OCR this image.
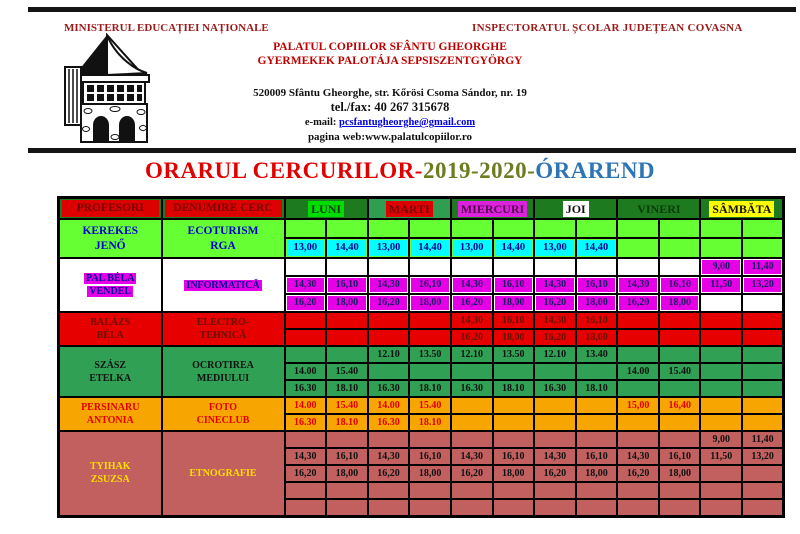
MINISTERUL EDUCAȚIEI NAȚIONALE	INSPECTORATUL ȘCOLAR JUDEȚEAN COVASNA
PALATUL COPIILOR SFÂNTU GHEORGHE
GYERMEKEK PALOTÁJA SEPSISZENTGYÖRGY
520009 Sfântu Gheorghe, str. Kőrösi Csoma Sándor, nr. 19
tel./fax: 40 267 315678
e-mail: pcsfantugheorghe@gmail.com
pagina web:www.palatulcopiilor.ro
ORARUL CERCURILOR-2019-2020-ÓRAREND
PROFESORI	DENUMIRE CERC	LUNI		MARTI		MIERCURI		JOI		VINERI		SÂMBĂTA	
KEREKES
JENŐ	ECOTURISM
RGA												

		13,00	14,40	13,00	14,40	13,00	14,40	13,00	14,40				

PAL BÉLA
VENDEL	INFORMATICĂ											9,00	11,40

		14,30	16,10	14,30	16,10	14,30	16,10	14,30	16,10	14,30	16,10	11,50	13,20

		16,20	18,00	16,20	18,00	16,20	18,00	16,20	18,00	16,20	18,00		

BALÁZS
BÉLA	ELECTRO-
TEHNICĂ					14,30	16,10	14,30	16,10				
						16,20	18,00	16,20	18,00				
SZÁSZ
ETELKA	OCROTIREA
MEDIULUI			12.10	13.50	12.10	13.50	12.10	13.40				
		14.00	15.40							14.00	15.40		
		16.30	18.10	16.30	18.10	16.30	18.10	16.30	18.10				
PERSINARU
ANTONIA	FOTO
CINECLUB	14.00	15.40	14.00	15.40					15,00	16,40		
		16.30	18.10	16.30	18.10								
TYIHAK
ZSUZSA	ETNOGRAFIE											9,00	11,40
		14,30	16,10	14,30	16,10	14,30	16,10	14,30	16,10	14,30	16,10	11,50	13,20
		16,20	18,00	16,20	18,00	16,20	18,00	16,20	18,00	16,20	18,00		
